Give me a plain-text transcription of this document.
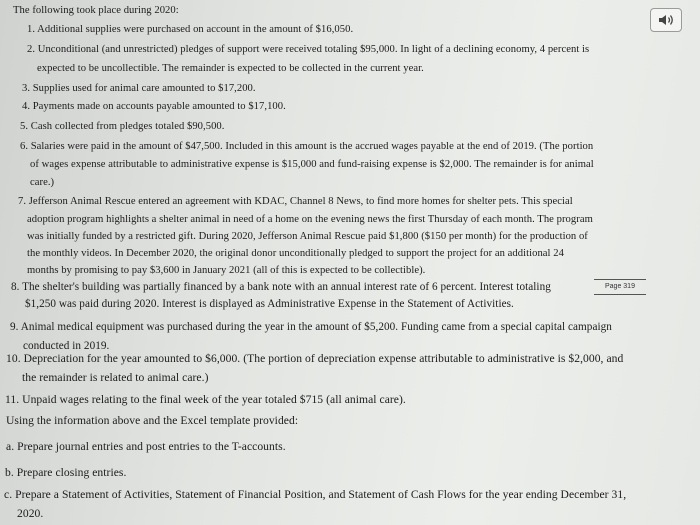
The following took place during 2020:
1. Additional supplies were purchased on account in the amount of $16,050.
2. Unconditional (and unrestricted) pledges of support were received totaling $95,000. In light of a declining economy, 4 percent is
expected to be uncollectible. The remainder is expected to be collected in the current year.
3. Supplies used for animal care amounted to $17,200.
4. Payments made on accounts payable amounted to $17,100.
5. Cash collected from pledges totaled $90,500.
6. Salaries were paid in the amount of $47,500. Included in this amount is the accrued wages payable at the end of 2019. (The portion
of wages expense attributable to administrative expense is $15,000 and fund-raising expense is $2,000. The remainder is for animal
care.)
7. Jefferson Animal Rescue entered an agreement with KDAC, Channel 8 News, to find more homes for shelter pets. This special
adoption program highlights a shelter animal in need of a home on the evening news the first Thursday of each month. The program
was initially funded by a restricted gift. During 2020, Jefferson Animal Rescue paid $1,800 ($150 per month) for the production of
the monthly videos. In December 2020, the original donor unconditionally pledged to support the project for an additional 24
months by promising to pay $3,600 in January 2021 (all of this is expected to be collectible).
8. The shelter's building was partially financed by a bank note with an annual interest rate of 6 percent. Interest totaling
$1,250 was paid during 2020. Interest is displayed as Administrative Expense in the Statement of Activities.
Page 319
9. Animal medical equipment was purchased during the year in the amount of $5,200. Funding came from a special capital campaign
conducted in 2019.
10. Depreciation for the year amounted to $6,000. (The portion of depreciation expense attributable to administrative is $2,000, and
the remainder is related to animal care.)
11. Unpaid wages relating to the final week of the year totaled $715 (all animal care).
Using the information above and the Excel template provided:
a. Prepare journal entries and post entries to the T-accounts.
b. Prepare closing entries.
c. Prepare a Statement of Activities, Statement of Financial Position, and Statement of Cash Flows for the year ending December 31,
2020.
